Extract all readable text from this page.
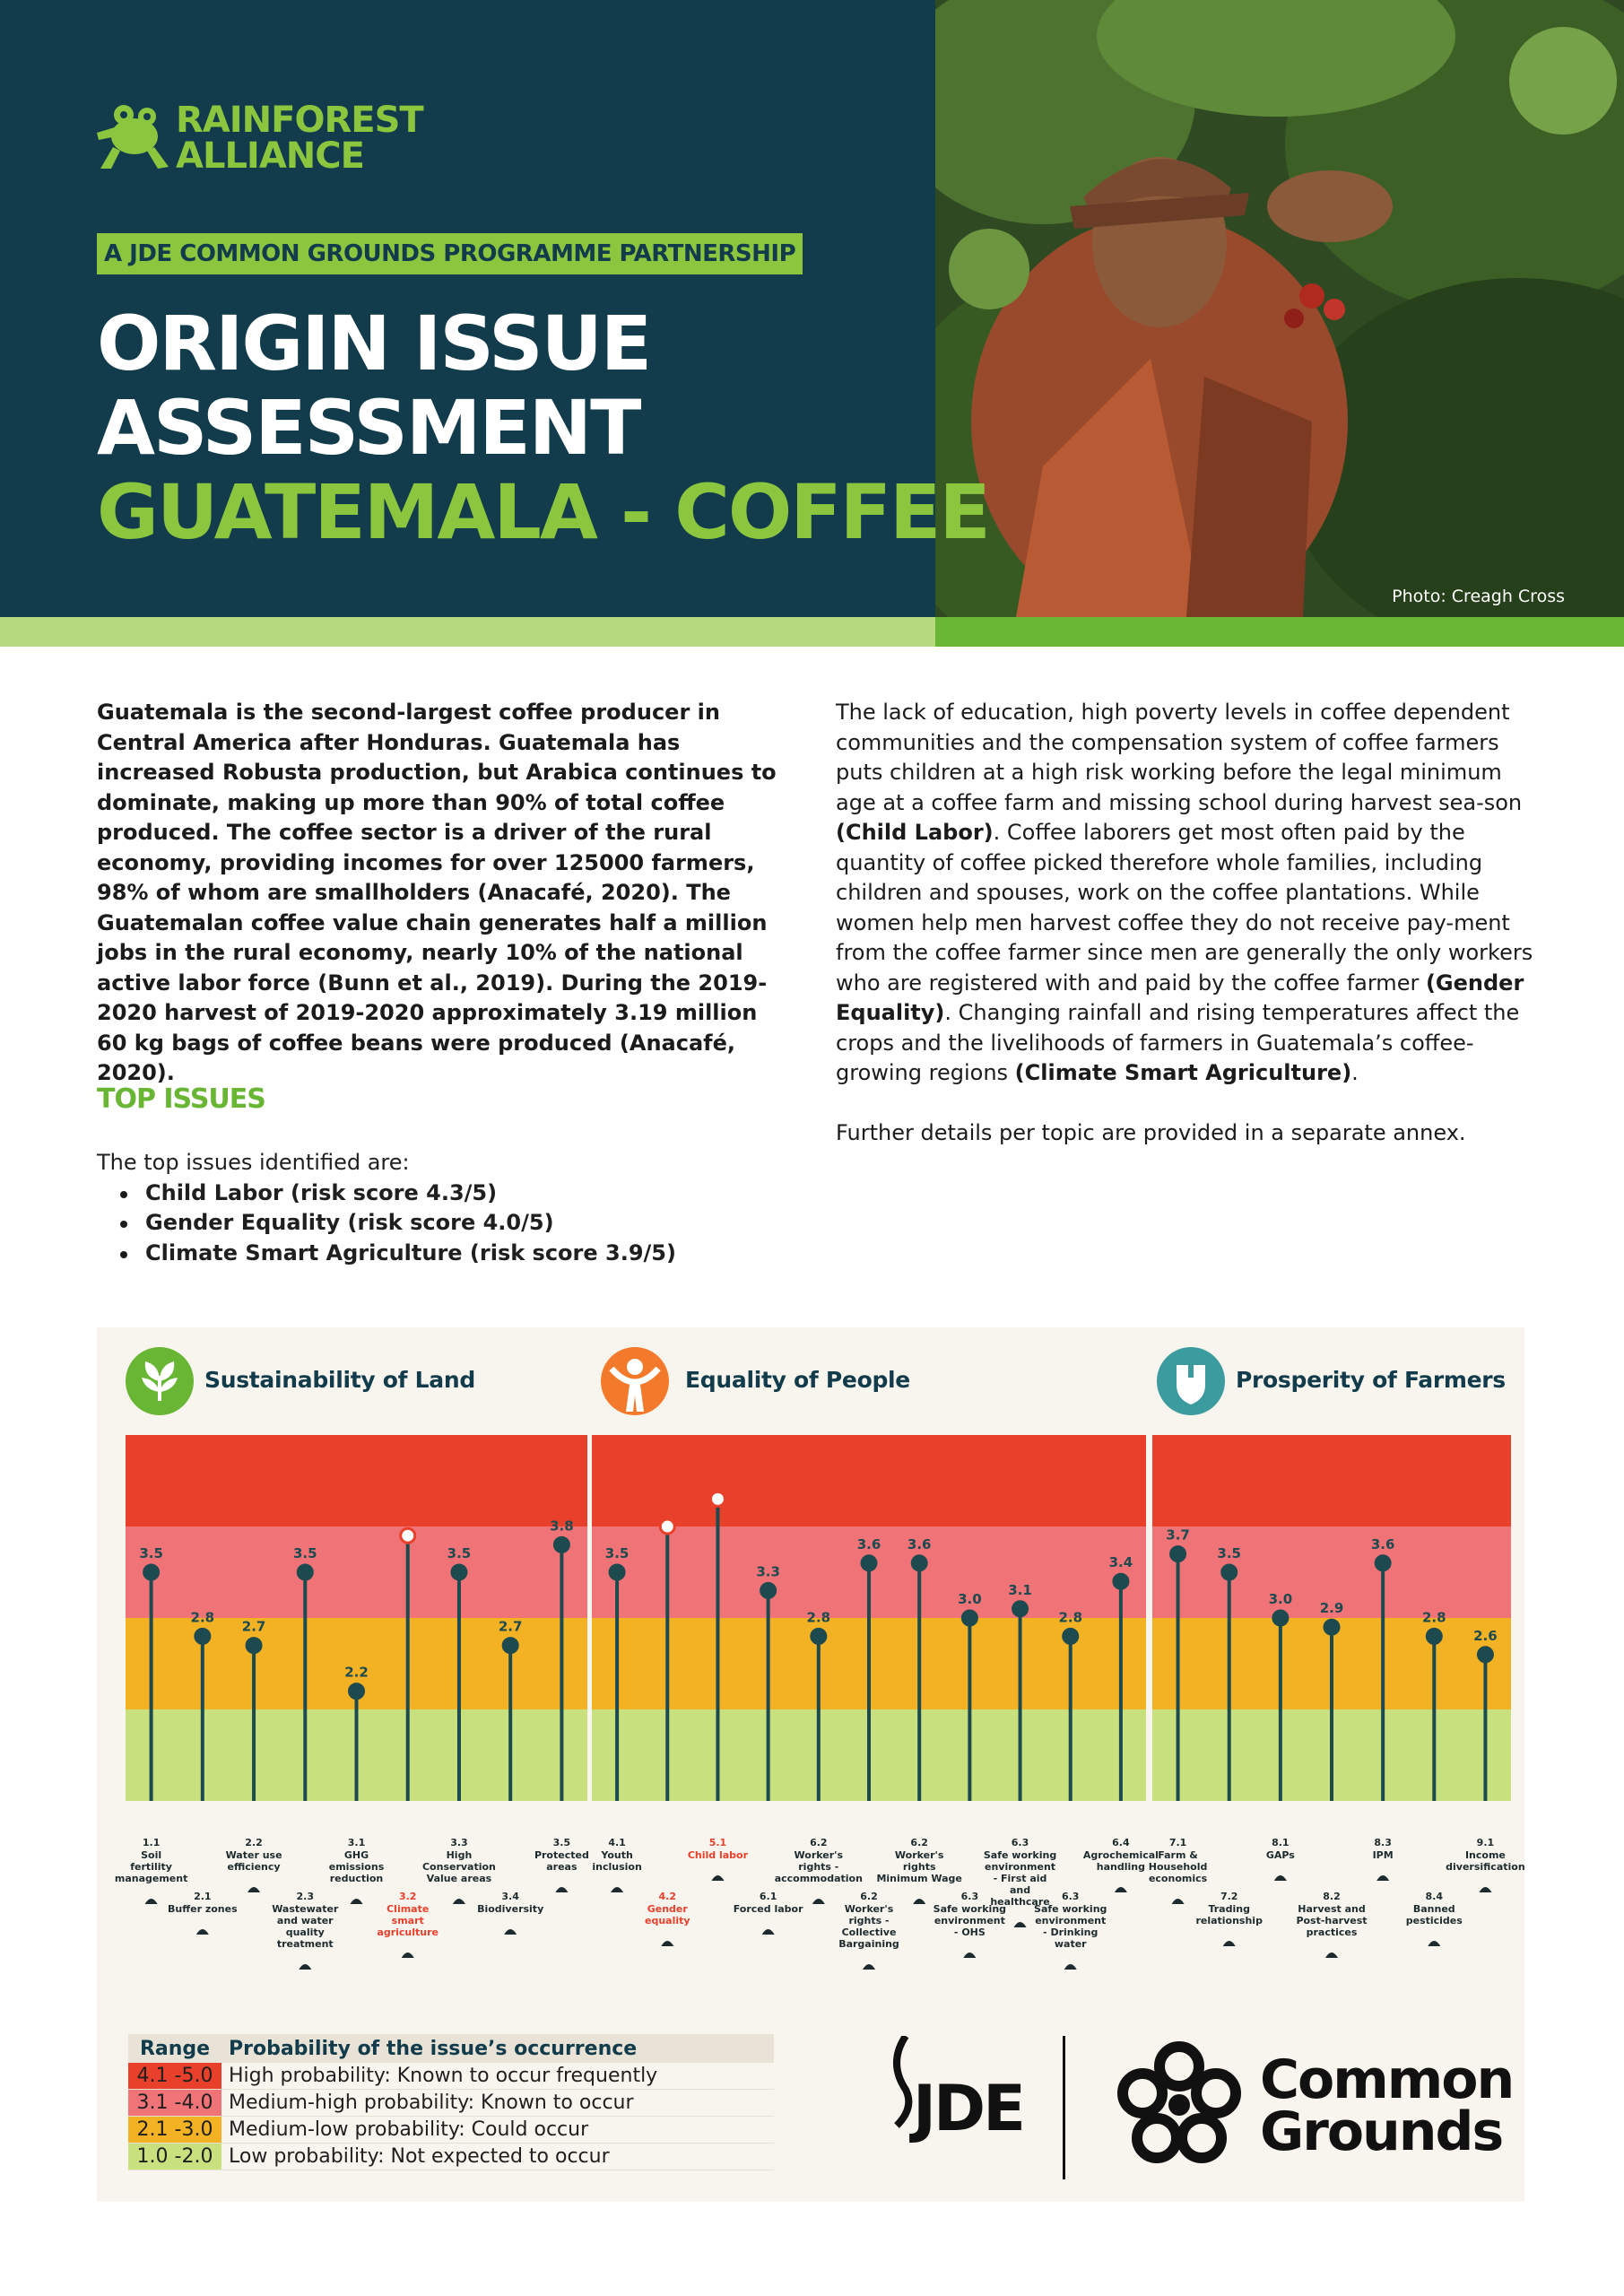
RAINFOREST
ALLIANCE
A JDE COMMON GROUNDS PROGRAMME PARTNERSHIP
ORIGIN ISSUE
ASSESSMENT
GUATEMALA - COFFEE
Photo: Creagh Cross
Guatemala is the second-largest coffee producer in Central America after Honduras. Guatemala has increased Robusta production, but Arabica continues to dominate, making up more than 90% of total coffee produced. The coffee sector is a driver of the rural economy, providing incomes for over 125000 farmers, 98% of whom are smallholders (Anacafé, 2020). The Guatemalan coffee value chain generates half a million jobs in the rural economy, nearly 10% of the national active labor force (Bunn et al., 2019). During the 2019-2020 harvest of 2019-2020 approximately 3.19 million 60 kg bags of coffee beans were produced (Anacafé, 2020).

The lack of education, high poverty levels in coffee dependent communities and the compensation system of coffee farmers puts children at a high risk working before the legal minimum age at a coffee farm and missing school during harvest sea-son (Child Labor). Coffee laborers get most often paid by the quantity of coffee picked therefore whole families, including children and spouses, work on the coffee plantations. While women help men harvest coffee they do not receive pay-ment from the coffee farmer since men are generally the only workers who are registered with and paid by the coffee farmer (Gender Equality). Changing rainfall and rising temperatures affect the crops and the livelihoods of farmers in Guatemala’s coffee-growing regions (Climate Smart Agriculture).

Further details per topic are provided in a separate annex.

TOP ISSUES
The top issues identified are:
Child Labor (risk score 4.3/5)
Gender Equality (risk score 4.0/5)
Climate Smart Agriculture (risk score 3.9/5)
Sustainability of Land	Equality of People	Prosperity of Farmers
3.5
1.1
Soil
fertility
management
2.8
2.1
Buffer zones
2.7
2.2
Water use
efficiency
3.5
2.3
Wastewater
and water
quality
treatment
2.2
3.1
GHG
emissions
reduction
3.9
3.2
Climate
smart
agriculture
3.5
3.3
High
Conservation
Value areas
2.7
3.4
Biodiversity
3.8
3.5
Protected
areas
3.5
4.1
Youth
inclusion
4.0
4.2
Gender
equality
4.3
5.1
Child labor
3.3
6.1
Forced labor
2.8
6.2
Worker's
rights -
accommodation
3.6
6.2
Worker's
rights -
Collective
Bargaining
3.6
6.2
Worker's
rights
Minimum Wage
3.0
6.3
Safe working
environment
- OHS
3.1
6.3
Safe working
environment
- First aid
and
healthcare
2.8
6.3
Safe working
environment
- Drinking
water
3.4
6.4
Agrochemical
handling
3.7
7.1
Farm &
Household
economics
3.5
7.2
Trading
relationship
3.0
8.1
GAPs
2.9
8.2
Harvest and
Post-harvest
practices
3.6
8.3
IPM
2.8
8.4
Banned
pesticides
2.6
9.1
Income
diversification
Range Probability of the issue’s occurrence
4.1 -5.0 High probability: Known to occur frequently
3.1 -4.0 Medium-high probability: Known to occur
2.1 -3.0 Medium-low probability: Could occur
1.0 -2.0 Low probability: Not expected to occur
JDE	Common
Grounds
